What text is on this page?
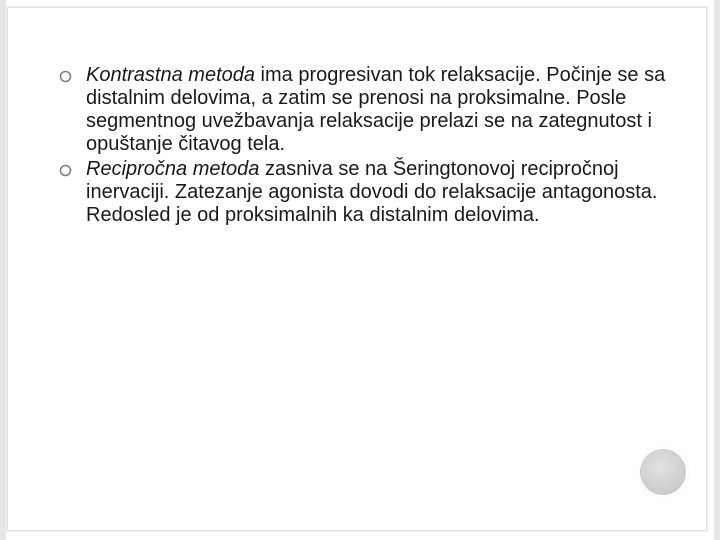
Kontrastna metoda ima progresivan tok relaksacije. Počinje se sa distalnim delovima, a zatim se prenosi na proksimalne. Posle segmentnog uvežbavanja relaksacije prelazi se na zategnutost i opuštanje čitavog tela.
Recipročna metoda zasniva se na Šeringtonovoj recipročnoj inervaciji. Zatezanje agonista dovodi do relaksacije antagonosta. Redosled je od proksimalnih ka distalnim delovima.
